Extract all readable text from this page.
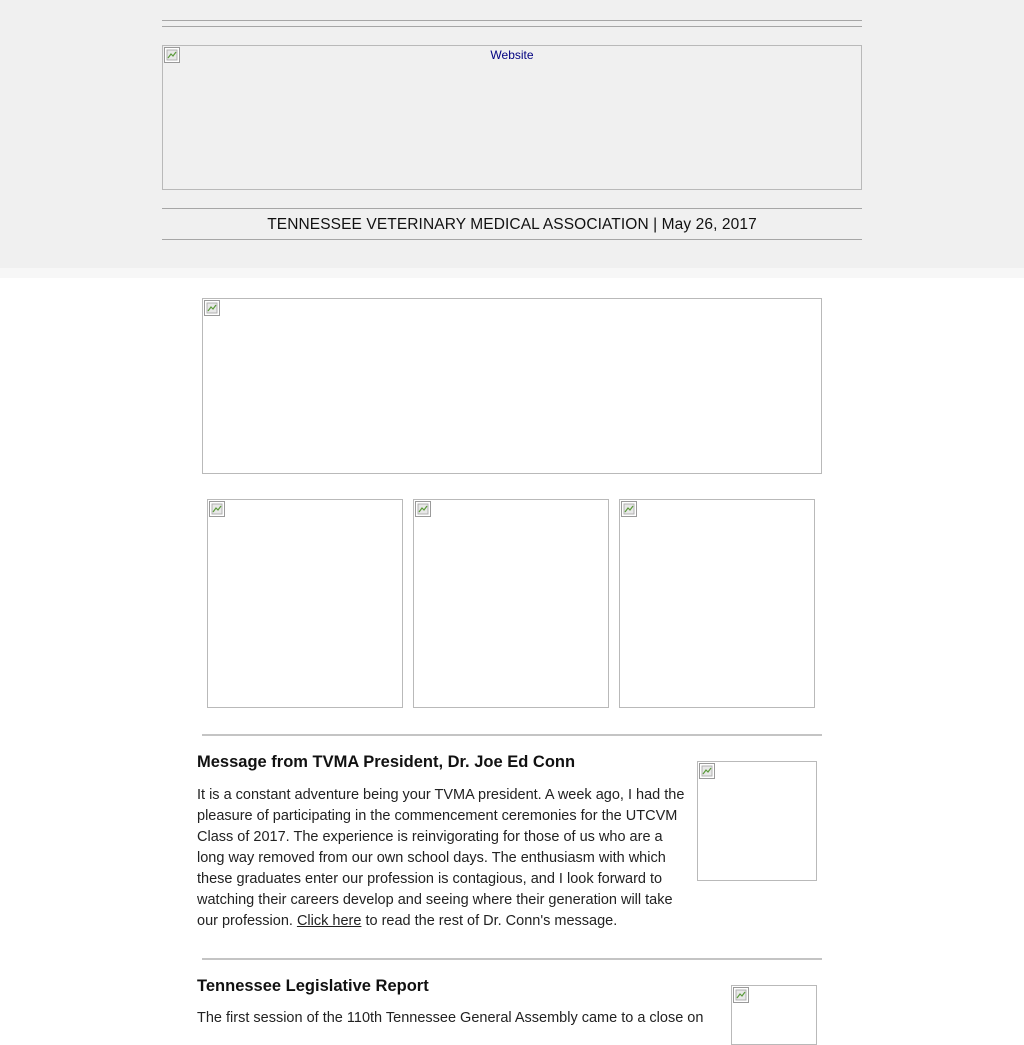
Website
TENNESSEE VETERINARY MEDICAL ASSOCIATION | May 26, 2017
Message from TVMA President, Dr. Joe Ed Conn
It is a constant adventure being your TVMA president. A week ago, I had the pleasure of participating in the commencement ceremonies for the UTCVM Class of 2017. The experience is reinvigorating for those of us who are a long way removed from our own school days. The enthusiasm with which these graduates enter our profession is contagious, and I look forward to watching their careers develop and seeing where their generation will take our profession. Click here to read the rest of Dr. Conn's message.
Tennessee Legislative Report
The first session of the 110th Tennessee General Assembly came to a close on
